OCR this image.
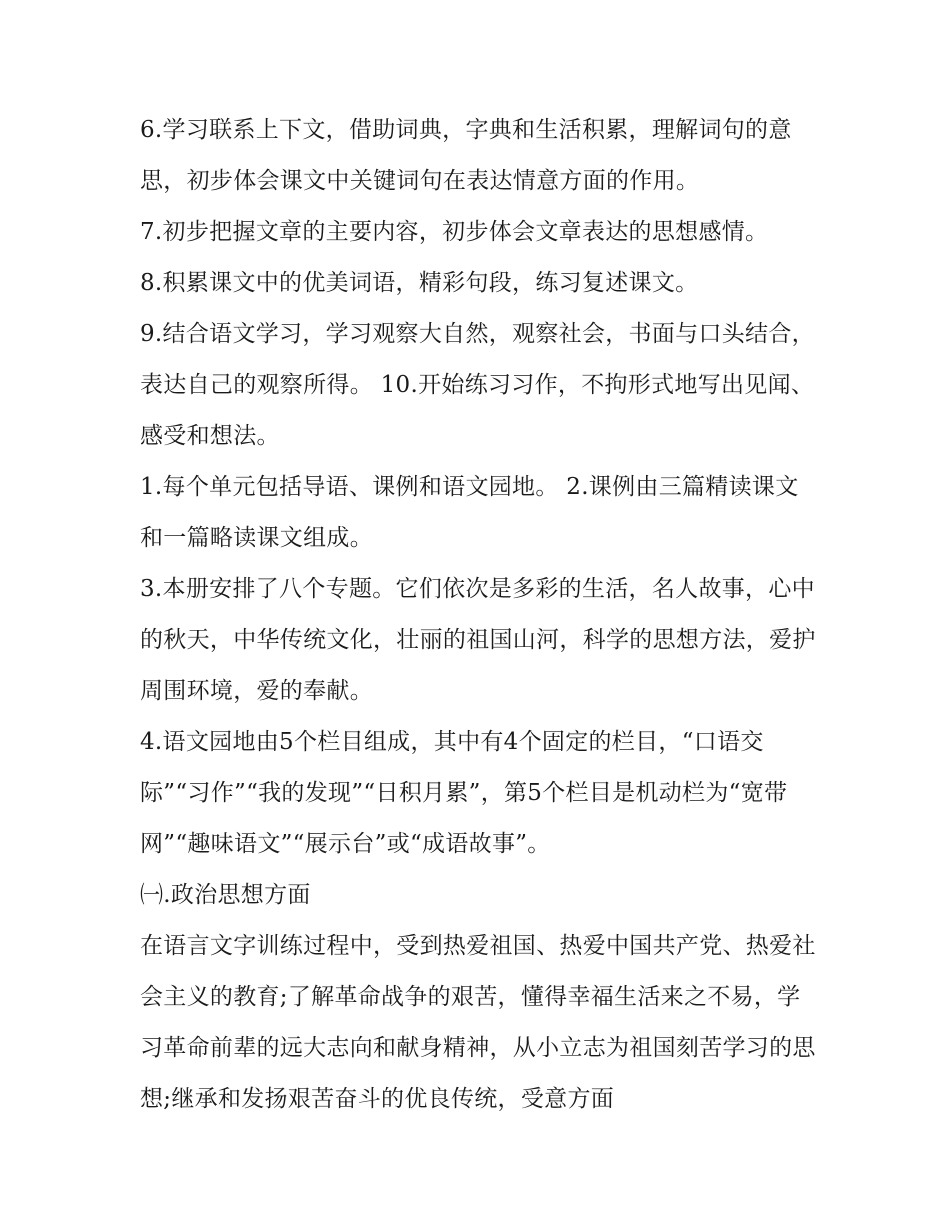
6.学习联系上下文，借助词典，字典和生活积累，理解词句的意思，初步体会课文中关键词句在表达情意方面的作用。

7.初步把握文章的主要内容，初步体会文章表达的思想感情。

8.积累课文中的优美词语，精彩句段，练习复述课文。

9.结合语文学习，学习观察大自然，观察社会，书面与口头结合，表达自己的观察所得。 10.开始练习习作，不拘形式地写出见闻、感受和想法。

1.每个单元包括导语、课例和语文园地。 2.课例由三篇精读课文和一篇略读课文组成。

3.本册安排了八个专题。它们依次是多彩的生活，名人故事，心中的秋天，中华传统文化，壮丽的祖国山河，科学的思想方法，爱护周围环境，爱的奉献。

4.语文园地由5个栏目组成，其中有4个固定的栏目，“口语交际”“习作”“我的发现”“日积月累”，第5个栏目是机动栏为“宽带网”“趣味语文”“展示台”或“成语故事”。

㈠.政治思想方面

在语言文字训练过程中，受到热爱祖国、热爱中国共产党、热爱社会主义的教育;了解革命战争的艰苦，懂得幸福生活来之不易，学习革命前辈的远大志向和献身精神，从小立志为祖国刻苦学习的思想;继承和发扬艰苦奋斗的优良传统，受意方面
